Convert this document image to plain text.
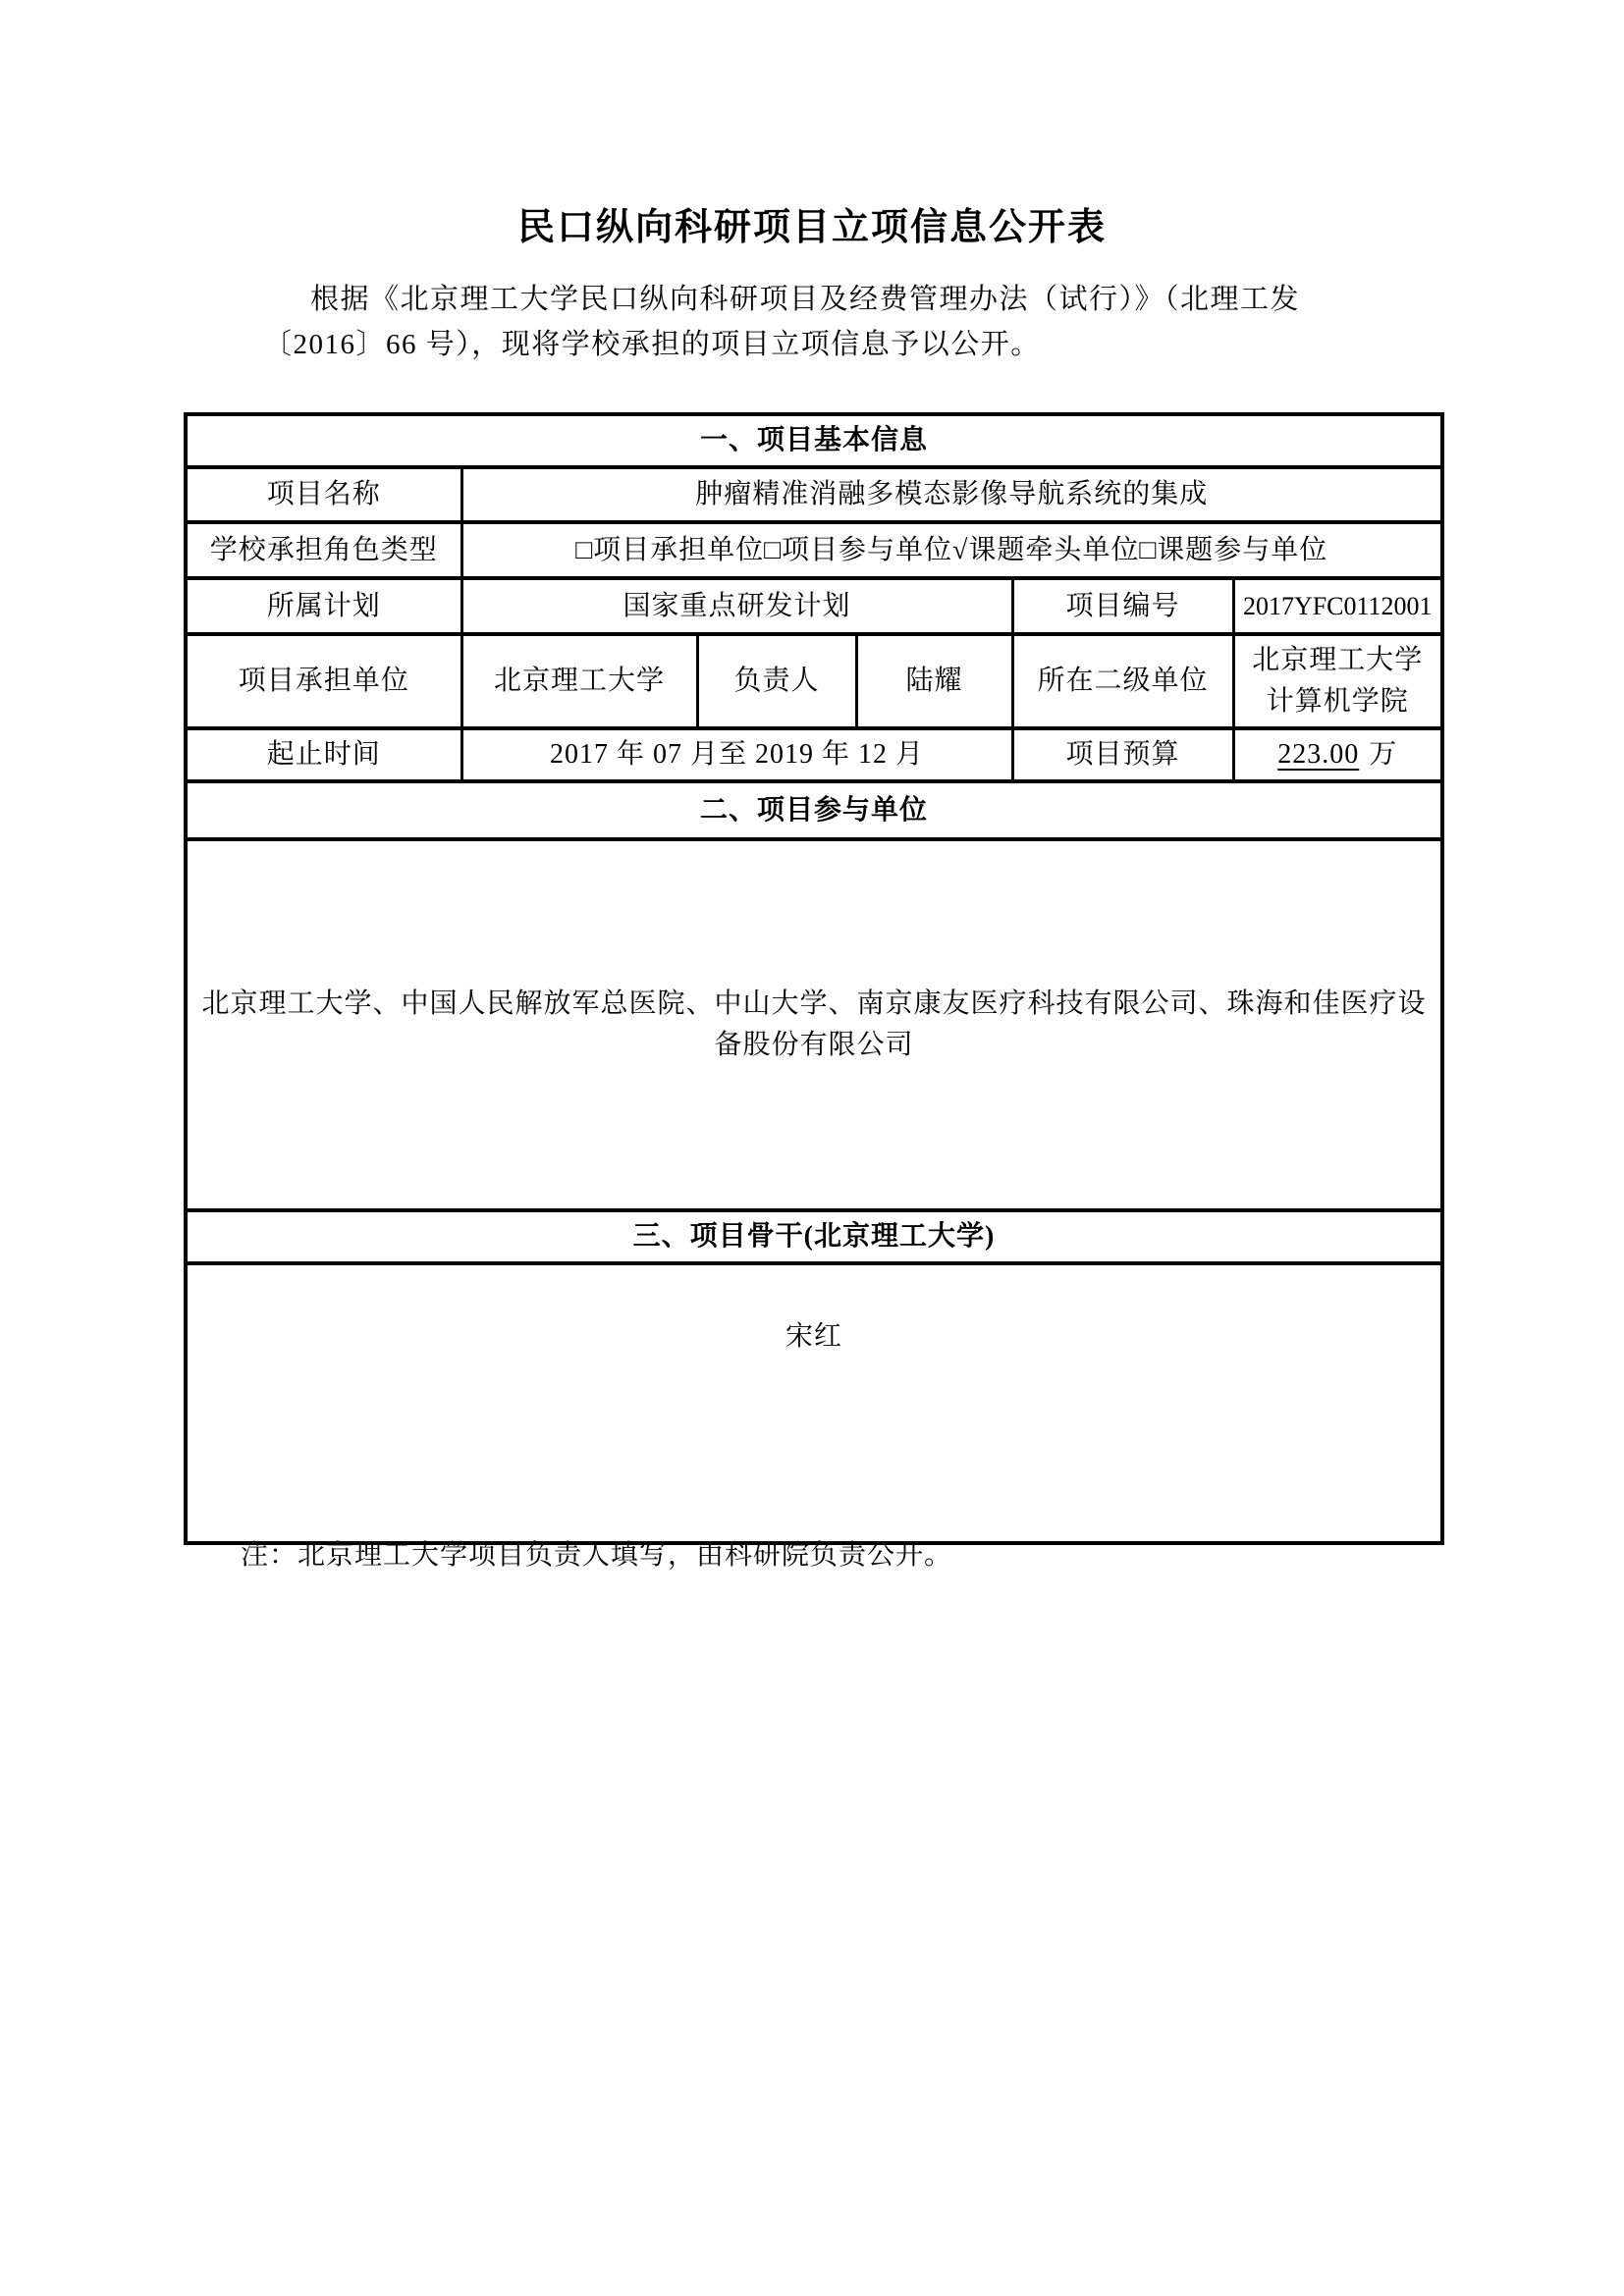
民口纵向科研项目立项信息公开表

根据《北京理工大学民口纵向科研项目及经费管理办法（试行）》（北理工发
〔2016〕66 号），现将学校承担的项目立项信息予以公开。

一、项目基本信息					
项目名称	肿瘤精准消融多模态影像导航系统的集成				
学校承担角色类型	□项目承担单位□项目参与单位√课题牵头单位□课题参与单位				
所属计划	国家重点研发计划			项目编号	2017YFC0112001
项目承担单位	北京理工大学	负责人	陆耀	所在二级单位	北京理工大学计算机学院
起止时间	2017 年 07 月至 2019 年 12 月			项目预算	223.00 万
二、项目参与单位					
北京理工大学、中国人民解放军总医院、中山大学、南京康友医疗科技有限公司、珠海和佳医疗设备股份有限公司					
三、项目骨干(北京理工大学)					
宋红					

注：北京理工大学项目负责人填写，由科研院负责公开。
